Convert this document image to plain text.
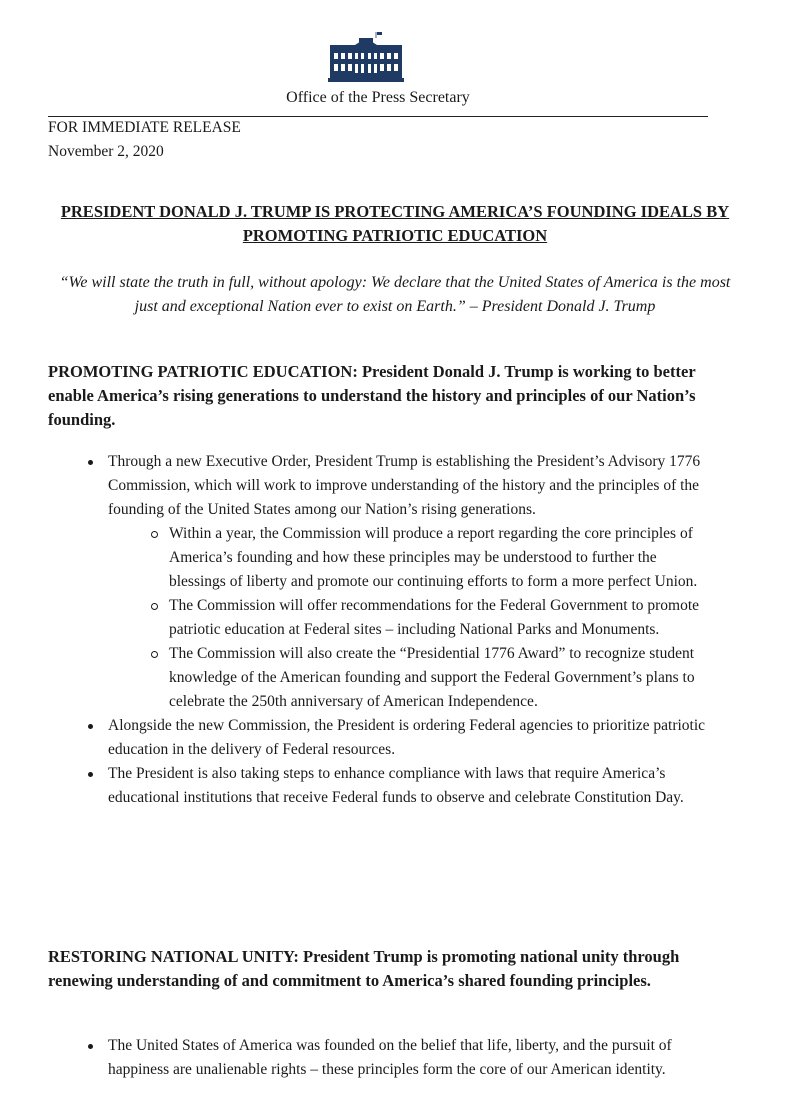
Office of the Press Secretary
FOR IMMEDIATE RELEASE
November 2, 2020
PRESIDENT DONALD J. TRUMP IS PROTECTING AMERICA’S FOUNDING IDEALS BY PROMOTING PATRIOTIC EDUCATION
“We will state the truth in full, without apology: We declare that the United States of America is the most just and exceptional Nation ever to exist on Earth.” – President Donald J. Trump
PROMOTING PATRIOTIC EDUCATION: President Donald J. Trump is working to better enable America’s rising generations to understand the history and principles of our Nation’s founding.
Through a new Executive Order, President Trump is establishing the President’s Advisory 1776 Commission, which will work to improve understanding of the history and the principles of the founding of the United States among our Nation’s rising generations.
Within a year, the Commission will produce a report regarding the core principles of America’s founding and how these principles may be understood to further the blessings of liberty and promote our continuing efforts to form a more perfect Union.
The Commission will offer recommendations for the Federal Government to promote patriotic education at Federal sites – including National Parks and Monuments.
The Commission will also create the “Presidential 1776 Award” to recognize student knowledge of the American founding and support the Federal Government’s plans to celebrate the 250th anniversary of American Independence.
Alongside the new Commission, the President is ordering Federal agencies to prioritize patriotic education in the delivery of Federal resources.
The President is also taking steps to enhance compliance with laws that require America’s educational institutions that receive Federal funds to observe and celebrate Constitution Day.
RESTORING NATIONAL UNITY: President Trump is promoting national unity through renewing understanding of and commitment to America’s shared founding principles.
The United States of America was founded on the belief that life, liberty, and the pursuit of happiness are unalienable rights – these principles form the core of our American identity.
